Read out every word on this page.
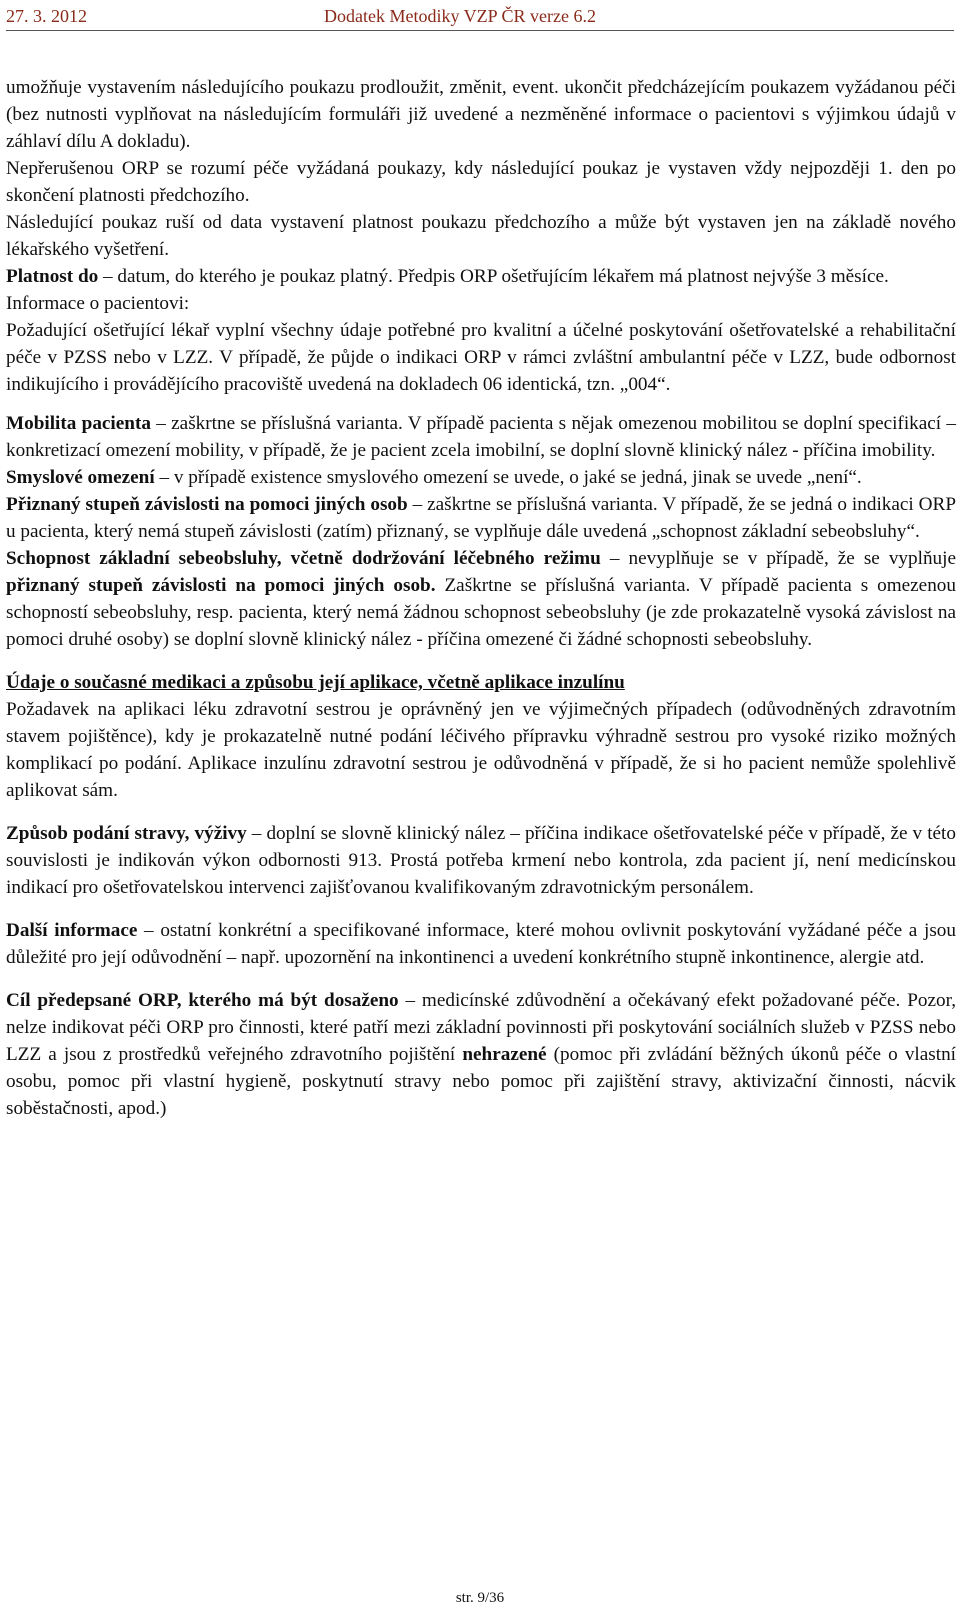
27. 3. 2012	Dodatek Metodiky VZP ČR verze 6.2

umožňuje vystavením následujícího poukazu prodloužit, změnit, event. ukončit předcházejícím poukazem vyžádanou péči (bez nutnosti vyplňovat na následujícím formuláři již uvedené a nezměněné informace o pacientovi s výjimkou údajů v záhlaví dílu A dokladu).

Nepřerušenou ORP se rozumí péče vyžádaná poukazy, kdy následující poukaz je vystaven vždy nejpozději 1. den po skončení platnosti předchozího.

Následující poukaz ruší od data vystavení platnost poukazu předchozího a může být vystaven jen na základě nového lékařského vyšetření.

Platnost do – datum, do kterého je poukaz platný. Předpis ORP ošetřujícím lékařem má platnost nejvýše 3 měsíce.

Informace o pacientovi:

Požadující ošetřující lékař vyplní všechny údaje potřebné pro kvalitní a účelné poskytování ošetřovatelské a rehabilitační péče v PZSS nebo v LZZ. V případě, že půjde o indikaci ORP v rámci zvláštní ambulantní péče v LZZ, bude odbornost indikujícího i provádějícího pracoviště uvedená na dokladech 06 identická, tzn. „004“.

Mobilita pacienta – zaškrtne se příslušná varianta. V případě pacienta s nějak omezenou mobilitou se doplní specifikací – konkretizací omezení mobility, v případě, že je pacient zcela imobilní, se doplní slovně klinický nález - příčina imobility.

Smyslové omezení – v případě existence smyslového omezení se uvede, o jaké se jedná, jinak se uvede „není“.

Přiznaný stupeň závislosti na pomoci jiných osob – zaškrtne se příslušná varianta. V případě, že se jedná o indikaci ORP u pacienta, který nemá stupeň závislosti (zatím) přiznaný, se vyplňuje dále uvedená „schopnost základní sebeobsluhy“.

Schopnost základní sebeobsluhy, včetně dodržování léčebného režimu – nevyplňuje se v případě, že se vyplňuje přiznaný stupeň závislosti na pomoci jiných osob. Zaškrtne se příslušná varianta. V případě pacienta s omezenou schopností sebeobsluhy, resp. pacienta, který nemá žádnou schopnost sebeobsluhy (je zde prokazatelně vysoká závislost na pomoci druhé osoby) se doplní slovně klinický nález - příčina omezené či žádné schopnosti sebeobsluhy.

Údaje o současné medikaci a způsobu její aplikace, včetně aplikace inzulínu

Požadavek na aplikaci léku zdravotní sestrou je oprávněný jen ve výjimečných případech (odůvodněných zdravotním stavem pojištěnce), kdy je prokazatelně nutné podání léčivého přípravku výhradně sestrou pro vysoké riziko možných komplikací po podání. Aplikace inzulínu zdravotní sestrou je odůvodněná v případě, že si ho pacient nemůže spolehlivě aplikovat sám.

Způsob podání stravy, výživy – doplní se slovně klinický nález – příčina indikace ošetřovatelské péče v případě, že v této souvislosti je indikován výkon odbornosti 913. Prostá potřeba krmení nebo kontrola, zda pacient jí, není medicínskou indikací pro ošetřovatelskou intervenci zajišťovanou kvalifikovaným zdravotnickým personálem.

Další informace – ostatní konkrétní a specifikované informace, které mohou ovlivnit poskytování vyžádané péče a jsou důležité pro její odůvodnění – např. upozornění na inkontinenci a uvedení konkrétního stupně inkontinence, alergie atd.

Cíl předepsané ORP, kterého má být dosaženo – medicínské zdůvodnění a očekávaný efekt požadované péče. Pozor, nelze indikovat péči ORP pro činnosti, které patří mezi základní povinnosti při poskytování sociálních služeb v PZSS nebo LZZ a jsou z prostředků veřejného zdravotního pojištění nehrazené (pomoc při zvládání běžných úkonů péče o vlastní osobu, pomoc při vlastní hygieně, poskytnutí stravy nebo pomoc při zajištění stravy, aktivizační činnosti, nácvik soběstačnosti, apod.)

str. 9/36
